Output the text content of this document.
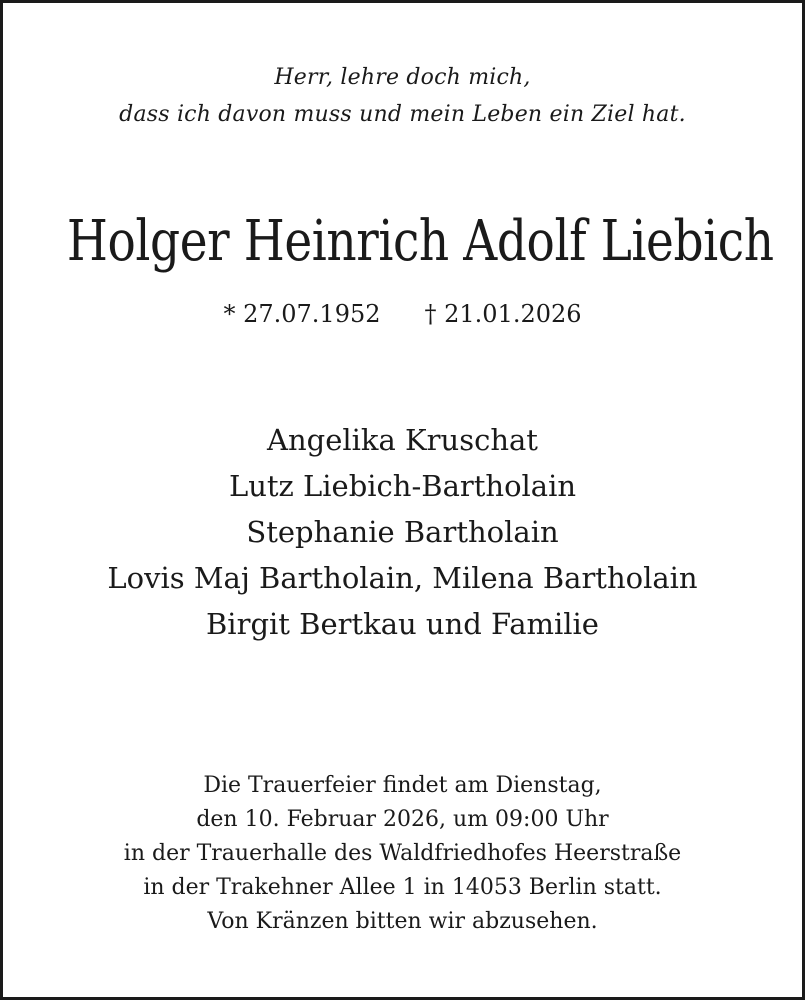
Herr, lehre doch mich,
dass ich davon muss und mein Leben ein Ziel hat.
Holger Heinrich Adolf Liebich
* 27.07.1952 † 21.01.2026
Angelika Kruschat
Lutz Liebich-Bartholain
Stephanie Bartholain
Lovis Maj Bartholain, Milena Bartholain
Birgit Bertkau und Familie
Die Trauerfeier findet am Dienstag,
den 10. Februar 2026, um 09:00 Uhr
in der Trauerhalle des Waldfriedhofes Heerstraße
in der Trakehner Allee 1 in 14053 Berlin statt.
Von Kränzen bitten wir abzusehen.
